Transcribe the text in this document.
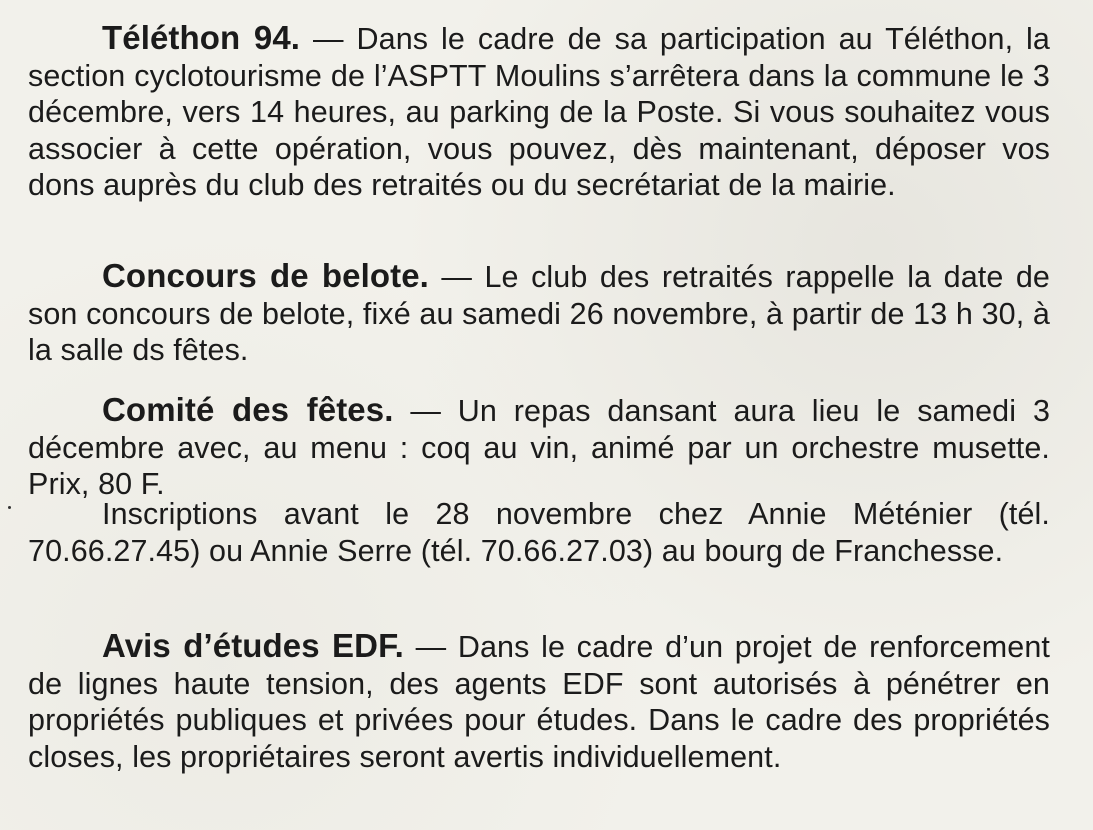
Téléthon 94. — Dans le cadre de sa participation au Téléthon, la section cyclotourisme de l’ASPTT Moulins s’arrêtera dans la commune le 3 décembre, vers 14 heures, au parking de la Poste. Si vous souhaitez vous associer à cette opération, vous pouvez, dès maintenant, déposer vos dons auprès du club des retraités ou du secrétariat de la mairie.

Concours de belote. — Le club des retraités rappelle la date de son concours de belote, fixé au samedi 26 novembre, à partir de 13 h 30, à la salle ds fêtes.

Comité des fêtes. — Un repas dansant aura lieu le samedi 3 décembre avec, au menu : coq au vin, animé par un orchestre musette. Prix, 80 F.

Inscriptions avant le 28 novembre chez Annie Méténier (tél. 70.66.27.45) ou Annie Serre (tél. 70.66.27.03) au bourg de Franchesse.

Avis d’études EDF. — Dans le cadre d’un projet de renforcement de lignes haute tension, des agents EDF sont autorisés à pénétrer en propriétés publiques et privées pour études. Dans le cadre des propriétés closes, les propriétaires seront avertis individuellement.
